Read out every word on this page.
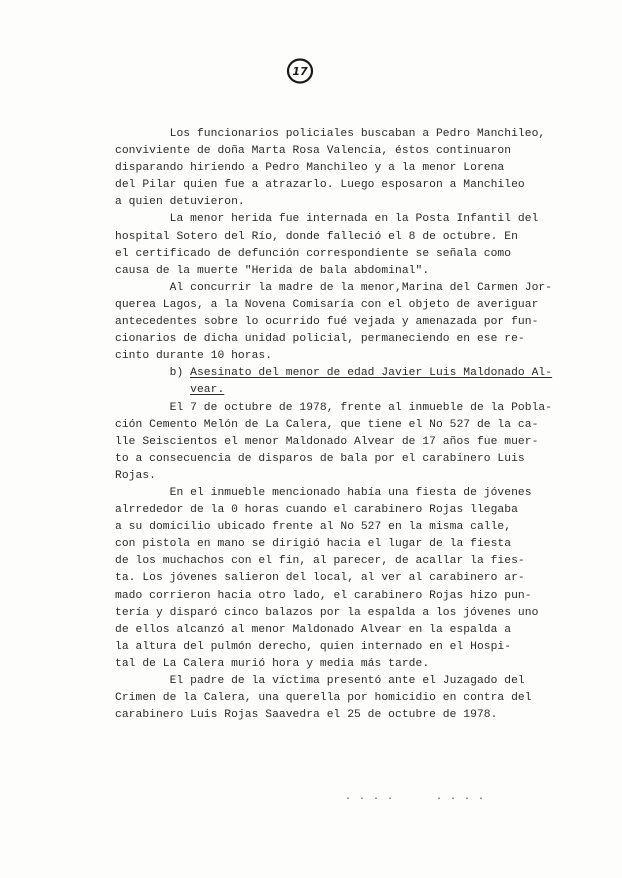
17
Los funcionarios policiales buscaban a Pedro Manchileo,
conviviente de doña Marta Rosa Valencia, éstos continuaron
disparando hiriendo a Pedro Manchileo y a la menor Lorena
del Pilar quien fue a atrazarlo. Luego esposaron a Manchileo
a quien detuvieron.
La menor herida fue internada en la Posta Infantil del
hospital Sotero del Río, donde falleció el 8 de octubre. En
el certificado de defunción correspondiente se señala como
causa de la muerte "Herida de bala abdominal".
Al concurrir la madre de la menor,Marina del Carmen Jor-
querea Lagos, a la Novena Comisaría con el objeto de averiguar
antecedentes sobre lo ocurrido fué vejada y amenazada por fun-
cionarios de dicha unidad policial, permaneciendo en ese re-
cinto durante 10 horas.
b) Asesinato del menor de edad Javier Luis Maldonado Al-
vear.
El 7 de octubre de 1978, frente al inmueble de la Pobla-
ción Cemento Melón de La Calera, que tiene el No 527 de la ca-
lle Seiscientos el menor Maldonado Alvear de 17 años fue muer-
to a consecuencia de disparos de bala por el carabinero Luis
Rojas.
En el inmueble mencionado había una fiesta de jóvenes
alrrededor de la 0 horas cuando el carabinero Rojas llegaba
a su domicilio ubicado frente al No 527 en la misma calle,
con pistola en mano se dirigió hacia el lugar de la fiesta
de los muchachos con el fin, al parecer, de acallar la fies-
ta. Los jóvenes salieron del local, al ver al carabinero ar-
mado corrieron hacia otro lado, el carabinero Rojas hizo pun-
tería y disparó cinco balazos por la espalda a los jóvenes uno
de ellos alcanzó al menor Maldonado Alvear en la espalda a
la altura del pulmón derecho, quien internado en el Hospi-
tal de La Calera murió hora y media más tarde.
El padre de la víctima presentó ante el Juzagado del
Crimen de la Calera, una querella por homicidio en contra del
carabinero Luis Rojas Saavedra el 25 de octubre de 1978.
. . . .      . . . .
